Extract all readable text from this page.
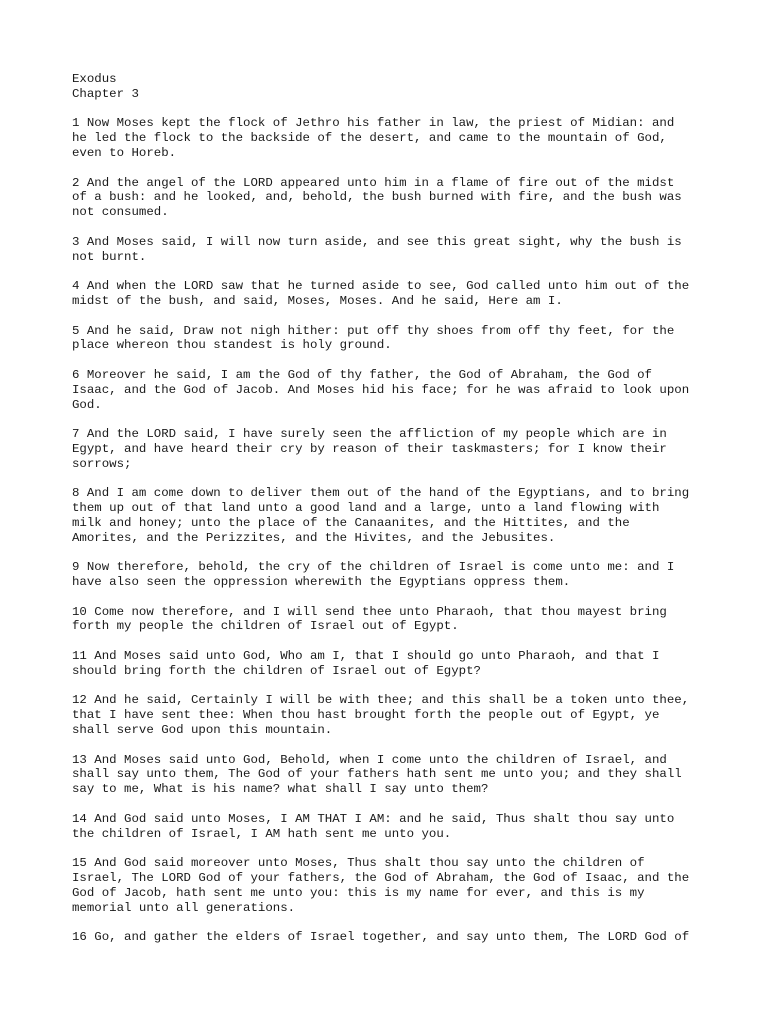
Exodus
Chapter 3
1 Now Moses kept the flock of Jethro his father in law, the priest of Midian: and
he led the flock to the backside of the desert, and came to the mountain of God,
even to Horeb.
2 And the angel of the LORD appeared unto him in a flame of fire out of the midst
of a bush: and he looked, and, behold, the bush burned with fire, and the bush was
not consumed.
3 And Moses said, I will now turn aside, and see this great sight, why the bush is
not burnt.
4 And when the LORD saw that he turned aside to see, God called unto him out of the
midst of the bush, and said, Moses, Moses. And he said, Here am I.
5 And he said, Draw not nigh hither: put off thy shoes from off thy feet, for the
place whereon thou standest is holy ground.
6 Moreover he said, I am the God of thy father, the God of Abraham, the God of
Isaac, and the God of Jacob. And Moses hid his face; for he was afraid to look upon
God.
7 And the LORD said, I have surely seen the affliction of my people which are in
Egypt, and have heard their cry by reason of their taskmasters; for I know their
sorrows;
8 And I am come down to deliver them out of the hand of the Egyptians, and to bring
them up out of that land unto a good land and a large, unto a land flowing with
milk and honey; unto the place of the Canaanites, and the Hittites, and the
Amorites, and the Perizzites, and the Hivites, and the Jebusites.
9 Now therefore, behold, the cry of the children of Israel is come unto me: and I
have also seen the oppression wherewith the Egyptians oppress them.
10 Come now therefore, and I will send thee unto Pharaoh, that thou mayest bring
forth my people the children of Israel out of Egypt.
11 And Moses said unto God, Who am I, that I should go unto Pharaoh, and that I
should bring forth the children of Israel out of Egypt?
12 And he said, Certainly I will be with thee; and this shall be a token unto thee,
that I have sent thee: When thou hast brought forth the people out of Egypt, ye
shall serve God upon this mountain.
13 And Moses said unto God, Behold, when I come unto the children of Israel, and
shall say unto them, The God of your fathers hath sent me unto you; and they shall
say to me, What is his name? what shall I say unto them?
14 And God said unto Moses, I AM THAT I AM: and he said, Thus shalt thou say unto
the children of Israel, I AM hath sent me unto you.
15 And God said moreover unto Moses, Thus shalt thou say unto the children of
Israel, The LORD God of your fathers, the God of Abraham, the God of Isaac, and the
God of Jacob, hath sent me unto you: this is my name for ever, and this is my
memorial unto all generations.
16 Go, and gather the elders of Israel together, and say unto them, The LORD God of
